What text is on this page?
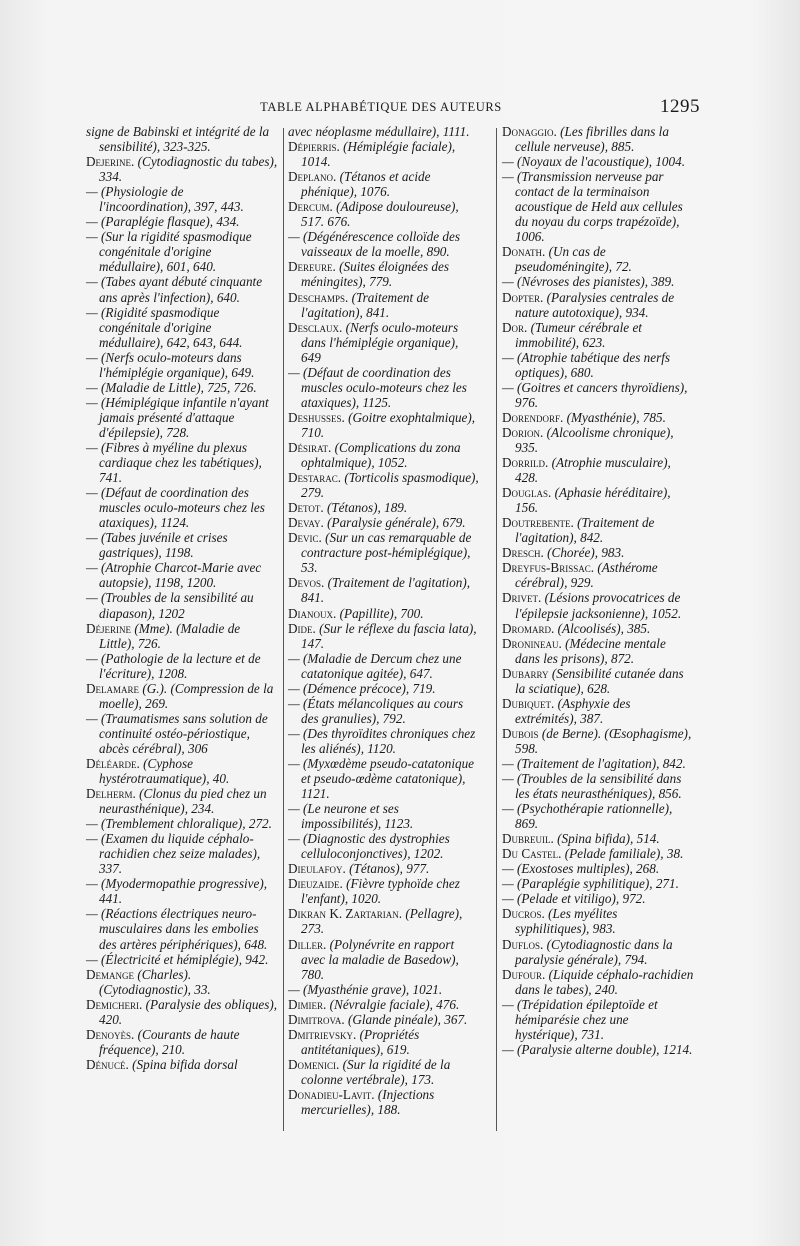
TABLE ALPHABÉTIQUE DES AUTEURS	1295

signe de Babinski et intégrité de la sensibilité), 323-325.

Dejerine. (Cytodiagnostic du tabes), 334.

— (Physiologie de l'incoordination), 397, 443.

— (Paraplégie flasque), 434.

— (Sur la rigidité spasmodique congénitale d'origine médullaire), 601, 640.

— (Tabes ayant débuté cinquante ans après l'infection), 640.

— (Rigidité spasmodique congénitale d'origine médullaire), 642, 643, 644.

— (Nerfs oculo-moteurs dans l'hémiplégie organique), 649.

— (Maladie de Little), 725, 726.

— (Hémiplégique infantile n'ayant jamais présenté d'attaque d'épilepsie), 728.

— (Fibres à myéline du plexus cardiaque chez les tabétiques), 741.

— (Défaut de coordination des muscles oculo-moteurs chez les ataxiques), 1124.

— (Tabes juvénile et crises gastriques), 1198.

— (Atrophie Charcot-Marie avec autopsie), 1198, 1200.

— (Troubles de la sensibilité au diapason), 1202

Déjerine (Mme). (Maladie de Little), 726.

— (Pathologie de la lecture et de l'écriture), 1208.

Delamare (G.). (Compression de la moelle), 269.

— (Traumatismes sans solution de continuité ostéo-périostique, abcès cérébral), 306

Déléarde. (Cyphose hystérotraumatique), 40.

Delherm. (Clonus du pied chez un neurasthénique), 234.

— (Tremblement chloralique), 272.

— (Examen du liquide céphalo-rachidien chez seize malades), 337.

— (Myodermopathie progressive), 441.

— (Réactions électriques neuro-musculaires dans les embolies des artères périphériques), 648.

— (Électricité et hémiplégie), 942.

Demange (Charles). (Cytodiagnostic), 33.

Demicheri. (Paralysie des obliques), 420.

Denoyès. (Courants de haute fréquence), 210.

Dénucé. (Spina bifida dorsal

avec néoplasme médullaire), 1111.

Dépierris. (Hémiplégie faciale), 1014.

Deplano. (Tétanos et acide phénique), 1076.

Dercum. (Adipose douloureuse), 517. 676.

— (Dégénérescence colloïde des vaisseaux de la moelle, 890.

Dereure. (Suites éloignées des méningites), 779.

Deschamps. (Traitement de l'agitation), 841.

Desclaux. (Nerfs oculo-moteurs dans l'hémiplégie organique), 649

— (Défaut de coordination des muscles oculo-moteurs chez les ataxiques), 1125.

Deshusses. (Goitre exophtalmique), 710.

Désirat. (Complications du zona ophtalmique), 1052.

Destarac. (Torticolis spasmodique), 279.

Detot. (Tétanos), 189.

Devay. (Paralysie générale), 679.

Devic. (Sur un cas remarquable de contracture post-hémiplégique), 53.

Devos. (Traitement de l'agitation), 841.

Dianoux. (Papillite), 700.

Dide. (Sur le réflexe du fascia lata), 147.

— (Maladie de Dercum chez une catatonique agitée), 647.

— (Démence précoce), 719.

— (États mélancoliques au cours des granulies), 792.

— (Des thyroïdites chroniques chez les aliénés), 1120.

— (Myxœdème pseudo-catatonique et pseudo-œdème catatonique), 1121.

— (Le neurone et ses impossibilités), 1123.

— (Diagnostic des dystrophies celluloconjonctives), 1202.

Dieulafoy. (Tétanos), 977.

Dieuzaide. (Fièvre typhoïde chez l'enfant), 1020.

Dikran K. Zartarian. (Pellagre), 273.

Diller. (Polynévrite en rapport avec la maladie de Basedow), 780.

— (Myasthénie grave), 1021.

Dimier. (Névralgie faciale), 476.

Dimitrova. (Glande pinéale), 367.

Dmitrievsky. (Propriétés antitétaniques), 619.

Domenici. (Sur la rigidité de la colonne vertébrale), 173.

Donadieu-Lavit. (Injections mercurielles), 188.

Donaggio. (Les fibrilles dans la cellule nerveuse), 885.

— (Noyaux de l'acoustique), 1004.

— (Transmission nerveuse par contact de la terminaison acoustique de Held aux cellules du noyau du corps trapézoïde), 1006.

Donath. (Un cas de pseudoméningite), 72.

— (Névroses des pianistes), 389.

Dopter. (Paralysies centrales de nature autotoxique), 934.

Dor. (Tumeur cérébrale et immobilité), 623.

— (Atrophie tabétique des nerfs optiques), 680.

— (Goitres et cancers thyroïdiens), 976.

Dorendorf. (Myasthénie), 785.

Dorion. (Alcoolisme chronique), 935.

Dorrild. (Atrophie musculaire), 428.

Douglas. (Aphasie héréditaire), 156.

Doutrebente. (Traitement de l'agitation), 842.

Dresch. (Chorée), 983.

Dreyfus-Brissac. (Asthérome cérébral), 929.

Drivet. (Lésions provocatrices de l'épilepsie jacksonienne), 1052.

Dromard. (Alcoolisés), 385.

Dronineau. (Médecine mentale dans les prisons), 872.

Dubarry (Sensibilité cutanée dans la sciatique), 628.

Dubiquet. (Asphyxie des extrémités), 387.

Dubois (de Berne). (Œsophagisme), 598.

— (Traitement de l'agitation), 842.

— (Troubles de la sensibilité dans les états neurasthéniques), 856.

— (Psychothérapie rationnelle), 869.

Dubreuil. (Spina bifida), 514.

Du Castel. (Pelade familiale), 38.

— (Exostoses multiples), 268.

— (Paraplégie syphilitique), 271.

— (Pelade et vitiligo), 972.

Ducros. (Les myélites syphilitiques), 983.

Duflos. (Cytodiagnostic dans la paralysie générale), 794.

Dufour. (Liquide céphalo-rachidien dans le tabes), 240.

— (Trépidation épileptoïde et hémiparésie chez une hystérique), 731.

— (Paralysie alterne double), 1214.
